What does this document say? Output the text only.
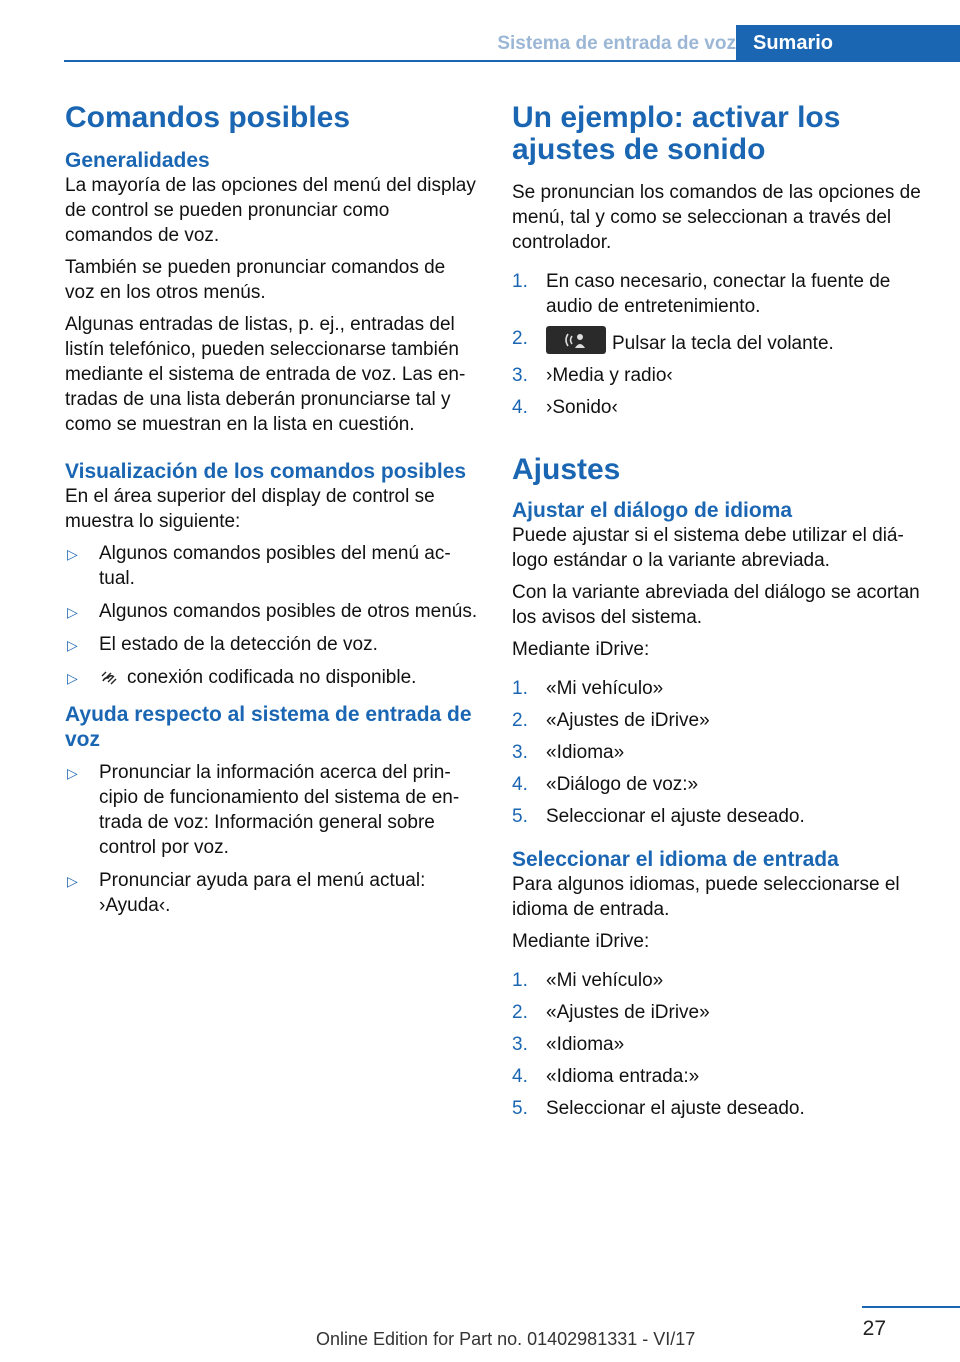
Sistema de entrada de voz Sumario
Comandos posibles
Generalidades

La mayoría de las opciones del menú del display de control se pueden pronunciar como comandos de voz.

También se pueden pronunciar comandos de voz en los otros menús.

Algunas entradas de listas, p. ej., entradas del listín telefónico, pueden seleccionarse también mediante el sistema de entrada de voz. Las entradas de una lista deberán pronunciarse tal y como se muestran en la lista en cuestión.

Visualización de los comandos posibles

En el área superior del display de control se muestra lo siguiente:

▷ Algunos comandos posibles del menú actual.
▷ Algunos comandos posibles de otros menús.
▷ El estado de la detección de voz.
▷	conexión codificada no disponible.
Ayuda respecto al sistema de entrada de voz
▷ Pronunciar la información acerca del principio de funcionamiento del sistema de entrada de voz: Información general sobre control por voz.
▷ Pronunciar ayuda para el menú actual: ›Ayuda‹.
Un ejemplo: activar los ajustes de sonido

Se pronuncian los comandos de las opciones de menú, tal y como se seleccionan a través del controlador.

1. En caso necesario, conectar la fuente de audio de entretenimiento.
2.	Pulsar la tecla del volante.
3. ›Media y radio‹
4. ›Sonido‹
Ajustes
Ajustar el diálogo de idioma

Puede ajustar si el sistema debe utilizar el diálogo estándar o la variante abreviada.

Con la variante abreviada del diálogo se acortan los avisos del sistema.

Mediante iDrive:

1. «Mi vehículo»
2. «Ajustes de iDrive»
3. «Idioma»
4. «Diálogo de voz:»
5. Seleccionar el ajuste deseado.
Seleccionar el idioma de entrada

Para algunos idiomas, puede seleccionarse el idioma de entrada.

Mediante iDrive:

1. «Mi vehículo»
2. «Ajustes de iDrive»
3. «Idioma»
4. «Idioma entrada:»
5. Seleccionar el ajuste deseado.
27
Online Edition for Part no. 01402981331 - VI/17
